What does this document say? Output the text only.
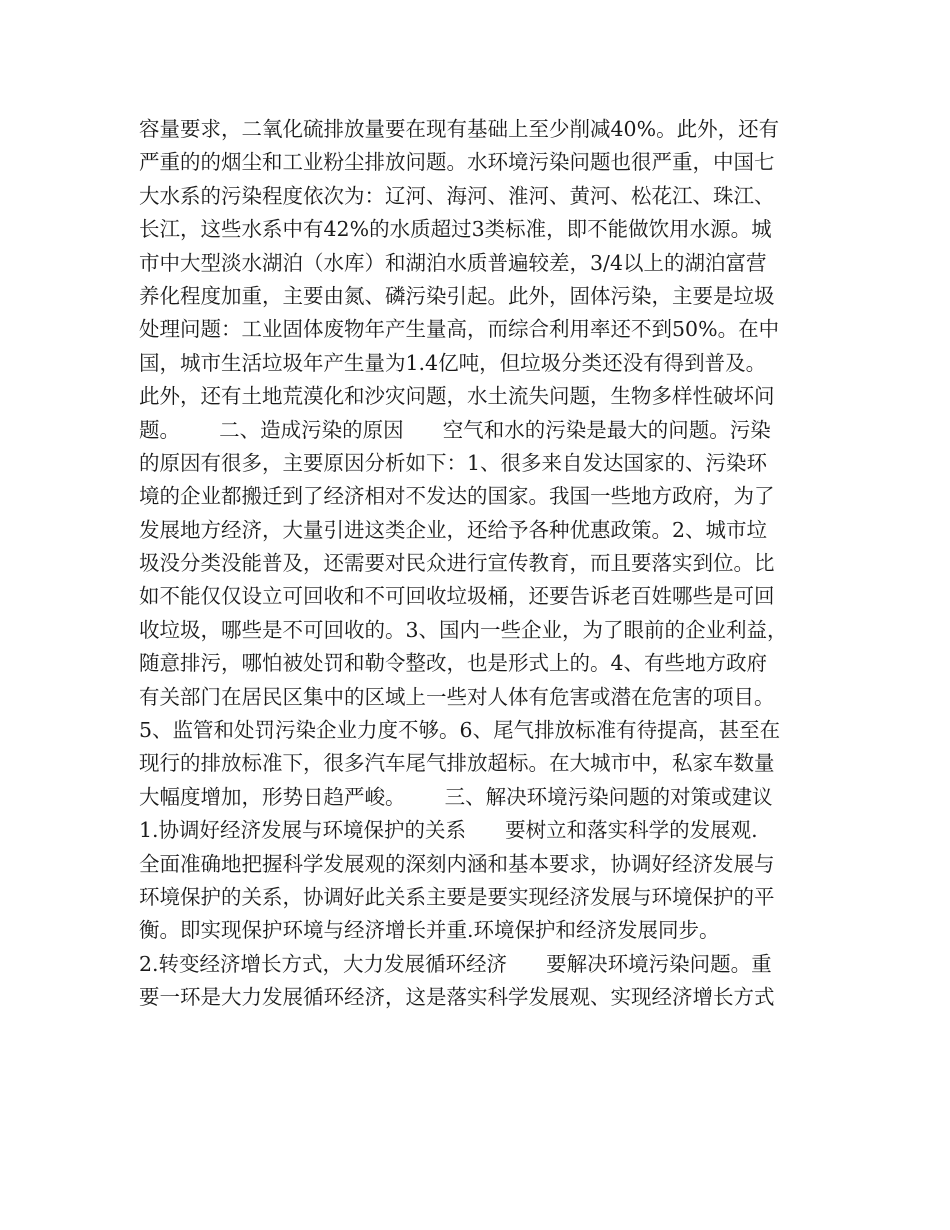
容量要求，二氧化硫排放量要在现有基础上至少削减40%。此外，还有
严重的的烟尘和工业粉尘排放问题。水环境污染问题也很严重，中国七
大水系的污染程度依次为：辽河、海河、淮河、黄河、松花江、珠江、
长江，这些水系中有42%的水质超过3类标准，即不能做饮用水源。城
市中大型淡水湖泊（水库）和湖泊水质普遍较差，3/4以上的湖泊富营
养化程度加重，主要由氮、磷污染引起。此外，固体污染，主要是垃圾
处理问题：工业固体废物年产生量高，而综合利用率还不到50%。在中
国，城市生活垃圾年产生量为1.4亿吨，但垃圾分类还没有得到普及。
此外，还有土地荒漠化和沙灾问题，水土流失问题，生物多样性破坏问
题。      二、造成污染的原因      空气和水的污染是最大的问题。污染
的原因有很多，主要原因分析如下：1、很多来自发达国家的、污染环
境的企业都搬迁到了经济相对不发达的国家。我国一些地方政府，为了
发展地方经济，大量引进这类企业，还给予各种优惠政策。2、城市垃
圾没分类没能普及，还需要对民众进行宣传教育，而且要落实到位。比
如不能仅仅设立可回收和不可回收垃圾桶，还要告诉老百姓哪些是可回
收垃圾，哪些是不可回收的。3、国内一些企业，为了眼前的企业利益，
随意排污，哪怕被处罚和勒令整改，也是形式上的。4、有些地方政府
有关部门在居民区集中的区域上一些对人体有危害或潜在危害的项目。
5、监管和处罚污染企业力度不够。6、尾气排放标准有待提高，甚至在
现行的排放标准下，很多汽车尾气排放超标。在大城市中，私家车数量
大幅度增加，形势日趋严峻。      三、解决环境污染问题的对策或建议
1.协调好经济发展与环境保护的关系      要树立和落实科学的发展观.
全面准确地把握科学发展观的深刻内涵和基本要求，协调好经济发展与
环境保护的关系，协调好此关系主要是要实现经济发展与环境保护的平
衡。即实现保护环境与经济增长并重.环境保护和经济发展同步。
2.转变经济增长方式，大力发展循环经济      要解决环境污染问题。重
要一环是大力发展循环经济，这是落实科学发展观、实现经济增长方式
